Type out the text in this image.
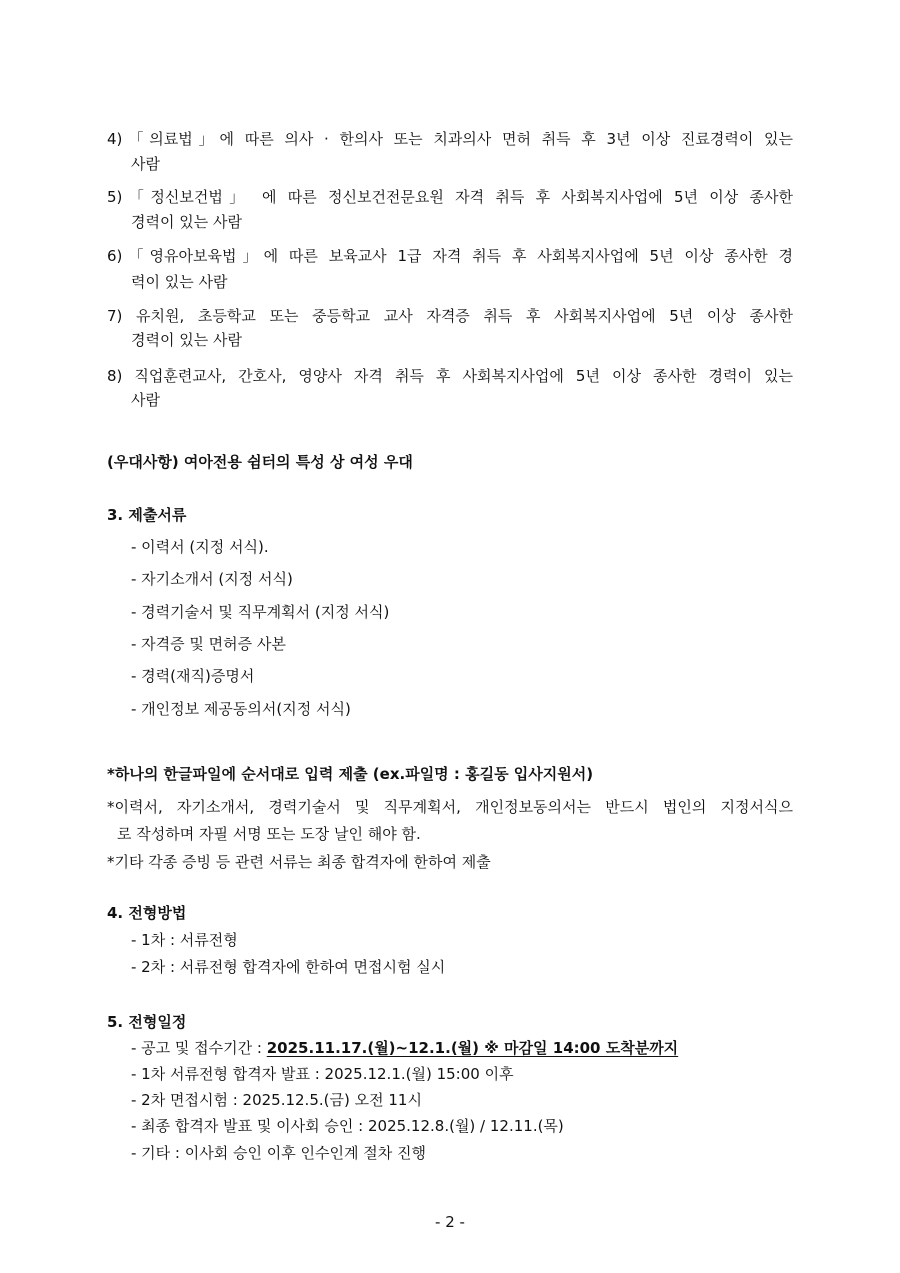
4)「의료법」에 따른 의사 · 한의사 또는 치과의사 면허 취득 후 3년 이상 진료경력이 있는
사람
5)「정신보건법」 에 따른 정신보건전문요원 자격 취득 후 사회복지사업에 5년 이상 종사한
경력이 있는 사람
6)「영유아보육법」에 따른 보육교사 1급 자격 취득 후 사회복지사업에 5년 이상 종사한 경
력이 있는 사람
7) 유치원, 초등학교 또는 중등학교 교사 자격증 취득 후 사회복지사업에 5년 이상 종사한
경력이 있는 사람
8) 직업훈련교사, 간호사, 영양사 자격 취득 후 사회복지사업에 5년 이상 종사한 경력이 있는
사람
(우대사항) 여아전용 쉼터의 특성 상 여성 우대
3. 제출서류
- 이력서 (지정 서식).
- 자기소개서 (지정 서식)
- 경력기술서 및 직무계획서 (지정 서식)
- 자격증 및 면허증 사본
- 경력(재직)증명서
- 개인정보 제공동의서(지정 서식)
*하나의 한글파일에 순서대로 입력 제출 (ex.파일명 : 홍길동 입사지원서)
*이력서, 자기소개서, 경력기술서 및 직무계획서, 개인정보동의서는 반드시 법인의 지정서식으
로 작성하며 자필 서명 또는 도장 날인 해야 함.
*기타 각종 증빙 등 관련 서류는 최종 합격자에 한하여 제출
4. 전형방법
- 1차 : 서류전형
- 2차 : 서류전형 합격자에 한하여 면접시험 실시
5. 전형일정
- 공고 및 접수기간 : 2025.11.17.(월)~12.1.(월) ※ 마감일 14:00 도착분까지
- 1차 서류전형 합격자 발표 : 2025.12.1.(월) 15:00 이후
- 2차 면접시험 : 2025.12.5.(금) 오전 11시
- 최종 합격자 발표 및 이사회 승인 : 2025.12.8.(월) / 12.11.(목)
- 기타 : 이사회 승인 이후 인수인계 절차 진행
- 2 -
